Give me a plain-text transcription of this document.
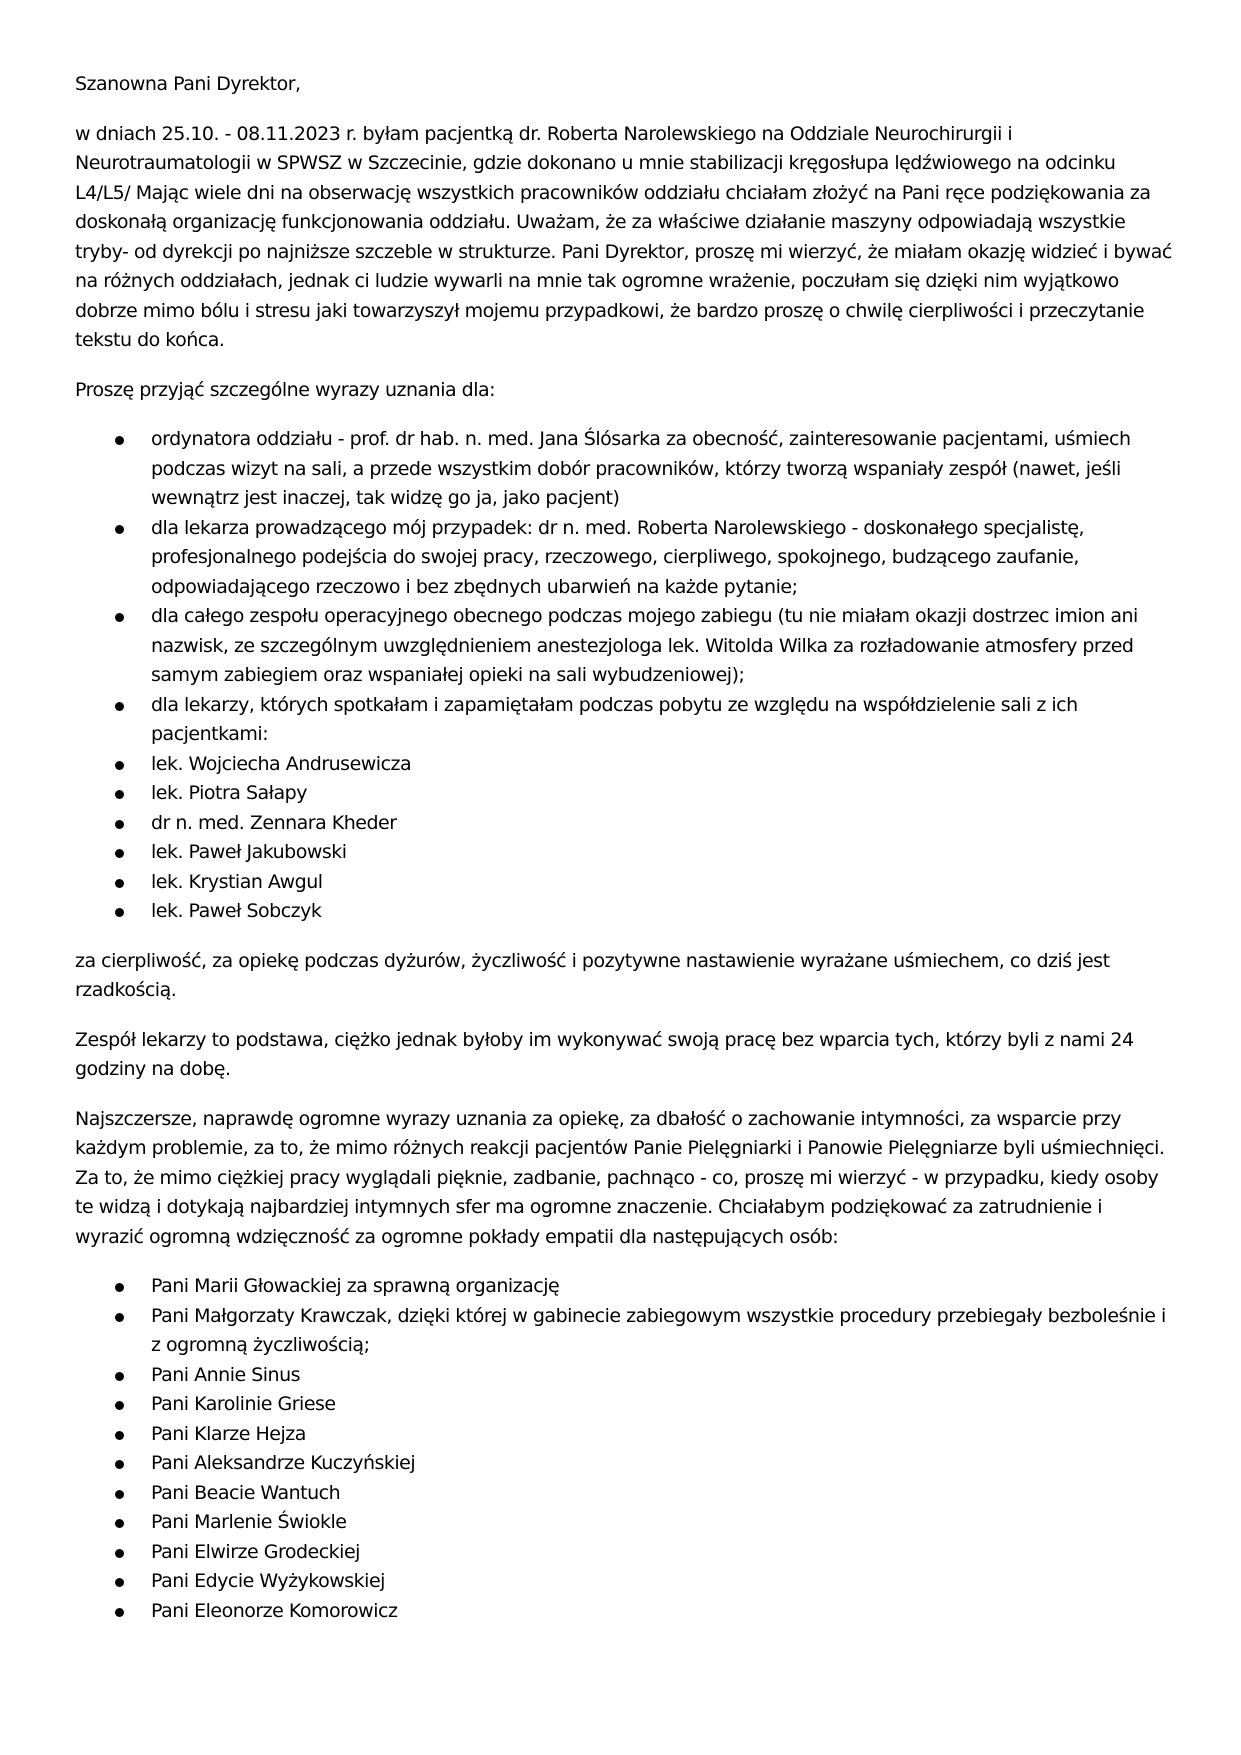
Szanowna Pani Dyrektor,

w dniach 25.10. - 08.11.2023 r. byłam pacjentką dr. Roberta Narolewskiego na Oddziale Neurochirurgii i Neurotraumatologii w SPWSZ w Szczecinie, gdzie dokonano u mnie stabilizacji kręgosłupa lędźwiowego na odcinku L4/L5/ Mając wiele dni na obserwację wszystkich pracowników oddziału chciałam złożyć na Pani ręce podziękowania za doskonałą organizację funkcjonowania oddziału. Uważam, że za właściwe działanie maszyny odpowiadają wszystkie tryby- od dyrekcji po najniższe szczeble w strukturze. Pani Dyrektor, proszę mi wierzyć, że miałam okazję widzieć i bywać na różnych oddziałach, jednak ci ludzie wywarli na mnie tak ogromne wrażenie, poczułam się dzięki nim wyjątkowo dobrze mimo bólu i stresu jaki towarzyszył mojemu przypadkowi, że bardzo proszę o chwilę cierpliwości i przeczytanie tekstu do końca.

Proszę przyjąć szczególne wyrazy uznania dla:

ordynatora oddziału - prof. dr hab. n. med. Jana Ślósarka za obecność, zainteresowanie pacjentami, uśmiech podczas wizyt na sali, a przede wszystkim dobór pracowników, którzy tworzą wspaniały zespół (nawet, jeśli wewnątrz jest inaczej, tak widzę go ja, jako pacjent)
dla lekarza prowadzącego mój przypadek: dr n. med. Roberta Narolewskiego - doskonałego specjalistę, profesjonalnego podejścia do swojej pracy, rzeczowego, cierpliwego, spokojnego, budzącego zaufanie, odpowiadającego rzeczowo i bez zbędnych ubarwień na każde pytanie;
dla całego zespołu operacyjnego obecnego podczas mojego zabiegu (tu nie miałam okazji dostrzec imion ani nazwisk, ze szczególnym uwzględnieniem anestezjologa lek. Witolda Wilka za rozładowanie atmosfery przed samym zabiegiem oraz wspaniałej opieki na sali wybudzeniowej);
dla lekarzy, których spotkałam i zapamiętałam podczas pobytu ze względu na współdzielenie sali z ich pacjentkami:
lek. Wojciecha Andrusewicza
lek. Piotra Sałapy
dr n. med. Zennara Kheder
lek. Paweł Jakubowski
lek. Krystian Awgul
lek. Paweł Sobczyk

za cierpliwość, za opiekę podczas dyżurów, życzliwość i pozytywne nastawienie wyrażane uśmiechem, co dziś jest rzadkością.

Zespół lekarzy to podstawa, ciężko jednak byłoby im wykonywać swoją pracę bez wparcia tych, którzy byli z nami 24 godziny na dobę.

Najszczersze, naprawdę ogromne wyrazy uznania za opiekę, za dbałość o zachowanie intymności, za wsparcie przy każdym problemie, za to, że mimo różnych reakcji pacjentów Panie Pielęgniarki i Panowie Pielęgniarze byli uśmiechnięci. Za to, że mimo ciężkiej pracy wyglądali pięknie, zadbanie, pachnąco - co, proszę mi wierzyć - w przypadku, kiedy osoby te widzą i dotykają najbardziej intymnych sfer ma ogromne znaczenie. Chciałabym podziękować za zatrudnienie i wyrazić ogromną wdzięczność za ogromne pokłady empatii dla następujących osób:

Pani Marii Głowackiej za sprawną organizację
Pani Małgorzaty Krawczak, dzięki której w gabinecie zabiegowym wszystkie procedury przebiegały bezboleśnie i z ogromną życzliwością;
Pani Annie Sinus
Pani Karolinie Griese
Pani Klarze Hejza
Pani Aleksandrze Kuczyńskiej
Pani Beacie Wantuch
Pani Marlenie Świokle
Pani Elwirze Grodeckiej
Pani Edycie Wyżykowskiej
Pani Eleonorze Komorowicz
